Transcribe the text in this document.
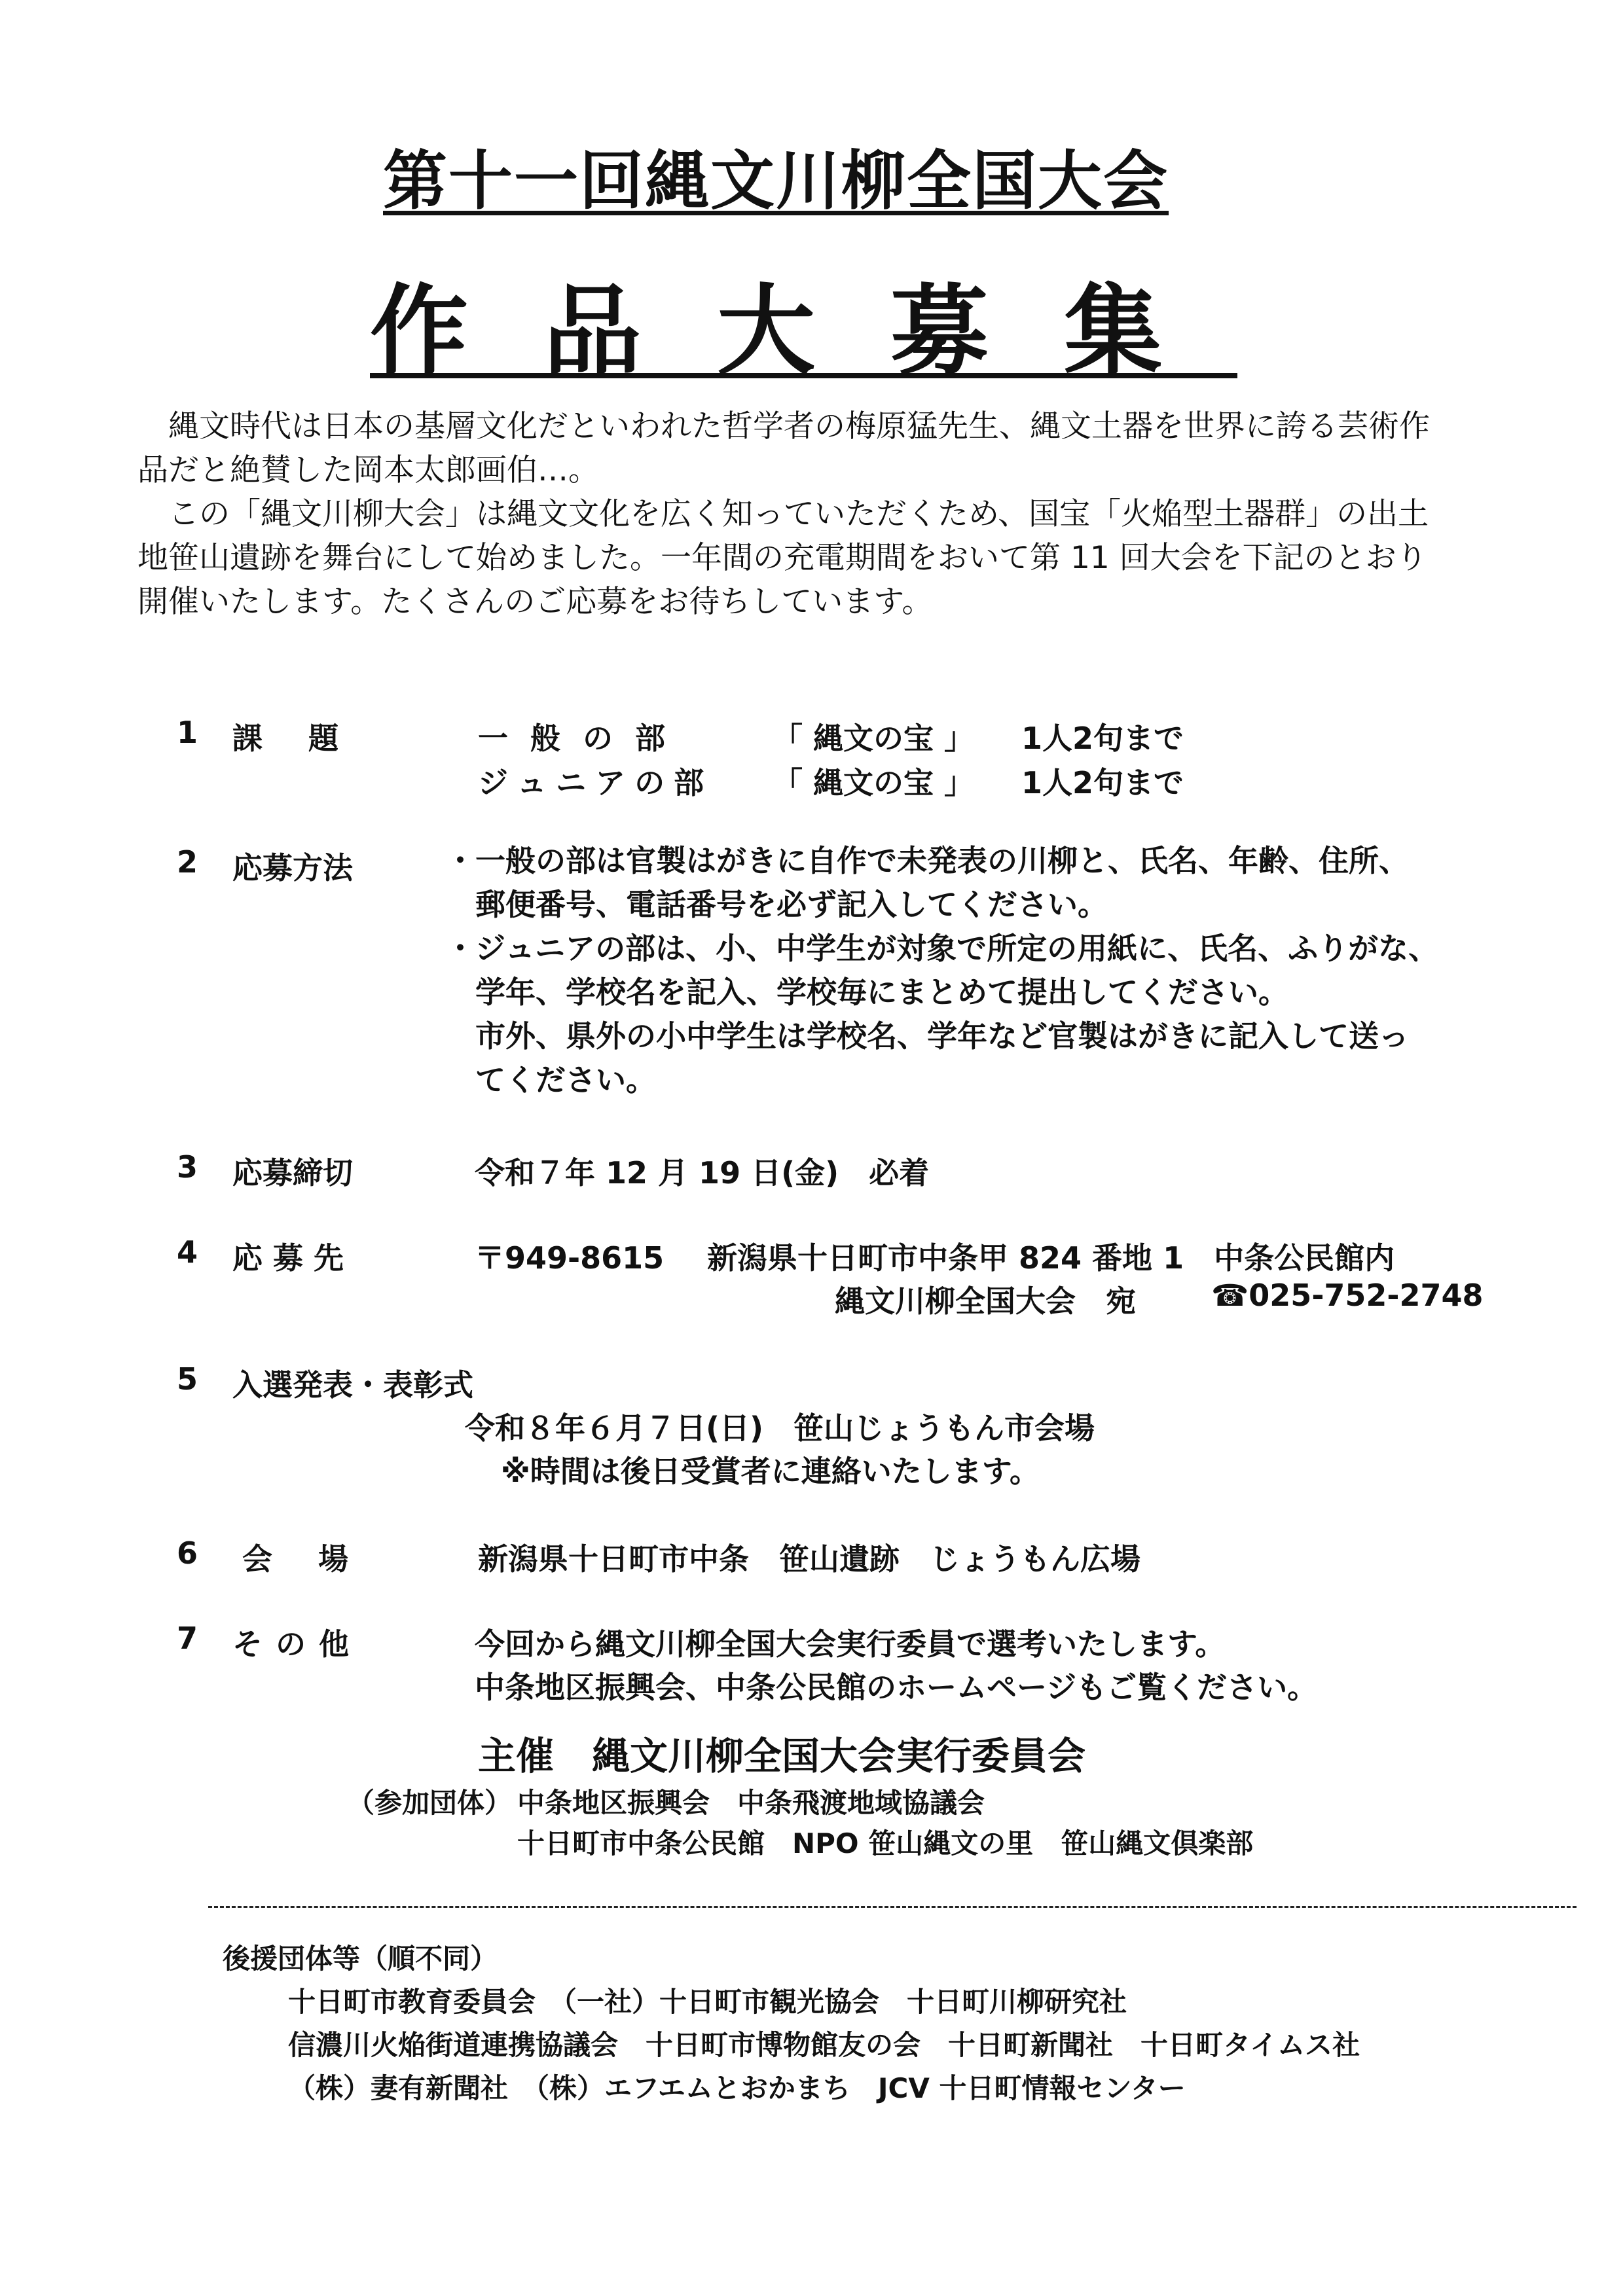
第十一回縄文川柳全国大会
作品大募集

　縄文時代は日本の基層文化だといわれた哲学者の梅原猛先生、縄文土器を世界に誇る芸術作

品だと絶賛した岡本太郎画伯…。

　この「縄文川柳大会」は縄文文化を広く知っていただくため、国宝「火焔型土器群」の出土

地笹山遺跡を舞台にして始めました。一年間の充電期間をおいて第 11 回大会を下記のとおり

開催いたします。たくさんのご応募をお待ちしています。

1 課題	一般の部	「 縄文の宝 」 1人2句まで
ジュニアの部 「 縄文の宝 」 1人2句まで
2 応募方法	・一般の部は官製はがきに自作で未発表の川柳と、氏名、年齢、住所、
　郵便番号、電話番号を必ず記入してください。
・ジュニアの部は、小、中学生が対象で所定の用紙に、氏名、ふりがな、
　学年、学校名を記入、学校毎にまとめて提出してください。
　市外、県外の小中学生は学校名、学年など官製はがきに記入して送っ
　てください。
3 応募締切	令和７年 12 月 19 日(金)　必着
4 応募先	〒949-8615 新潟県十日町市中条甲 824 番地 1　中条公民館内
縄文川柳全国大会　宛	☎025-752-2748
5 入選発表・表彰式
令和８年６月７日(日)　笹山じょうもん市会場
※時間は後日受賞者に連絡いたします。
6 会場	新潟県十日町市中条　笹山遺跡　じょうもん広場
7 その他	今回から縄文川柳全国大会実行委員で選考いたします。
中条地区振興会、中条公民館のホームページもご覧ください。
主催　縄文川柳全国大会実行委員会
（参加団体） 中条地区振興会　中条飛渡地域協議会
十日町市中条公民館　NPO 笹山縄文の里　笹山縄文倶楽部
後援団体等（順不同）
十日町市教育委員会　（一社）十日町市観光協会　十日町川柳研究社
信濃川火焔街道連携協議会　十日町市博物館友の会　十日町新聞社　十日町タイムス社
（株）妻有新聞社　（株）エフエムとおかまち　JCV 十日町情報センター
